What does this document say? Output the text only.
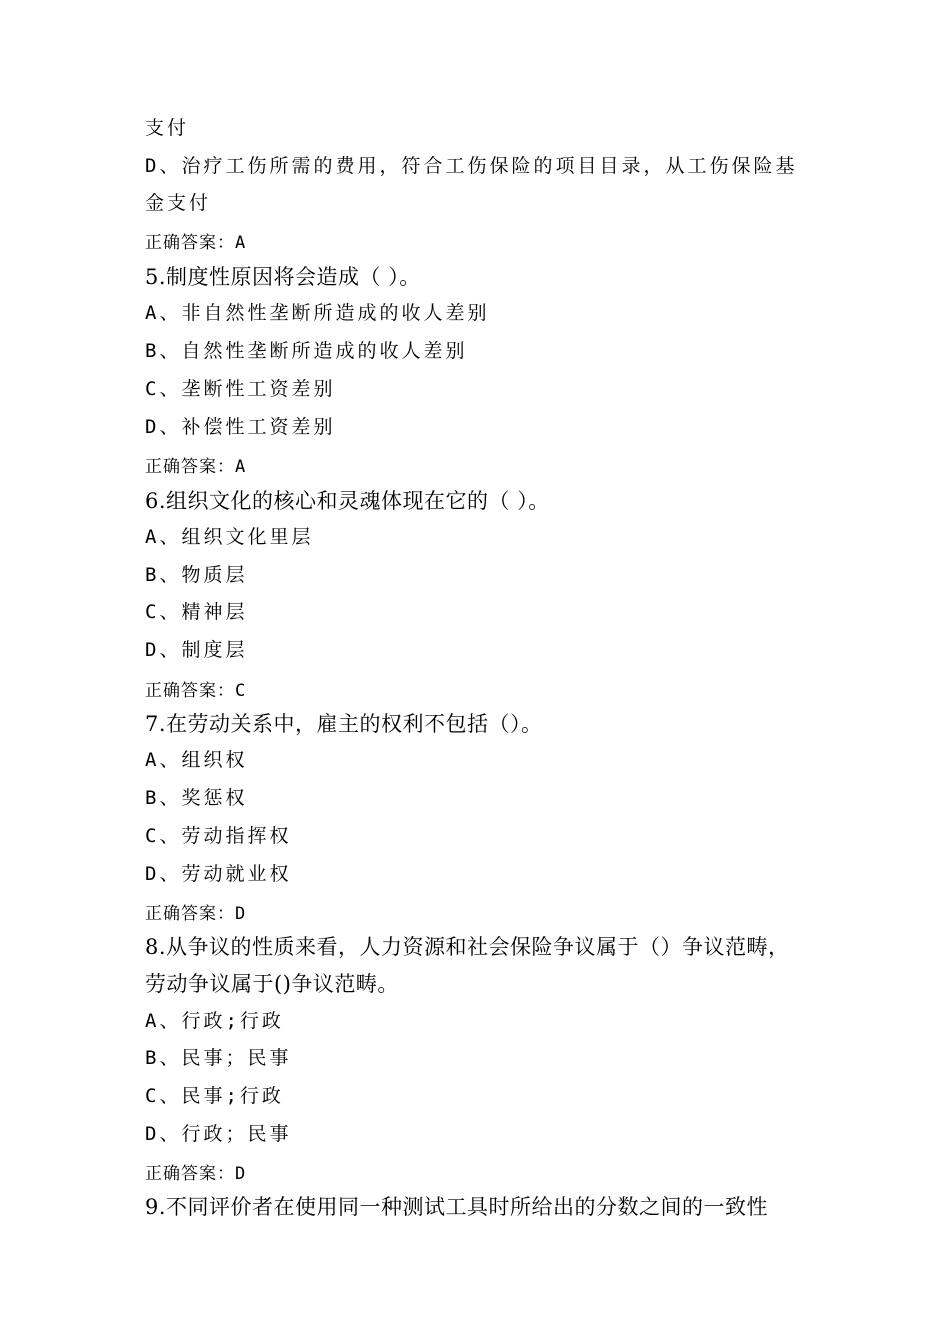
支付
D、治疗工伤所需的费用，符合工伤保险的项目目录，从工伤保险基
金支付
正确答案：A
5.制度性原因将会造成（ ）。
A、非自然性垄断所造成的收人差别
B、自然性垄断所造成的收人差别
C、垄断性工资差别
D、补偿性工资差别
正确答案：A
6.组织文化的核心和灵魂体现在它的（ ）。
A、组织文化里层
B、物质层
C、精神层
D、制度层
正确答案：C
7.在劳动关系中，雇主的权利不包括（）。
A、组织权
B、奖惩权
C、劳动指挥权
D、劳动就业权
正确答案：D
8.从争议的性质来看，人力资源和社会保险争议属于（）争议范畴，
劳动争议属于()争议范畴。
A、行政;行政
B、民事；民事
C、民事;行政
D、行政；民事
正确答案：D
9.不同评价者在使用同一种测试工具时所给出的分数之间的一致性
